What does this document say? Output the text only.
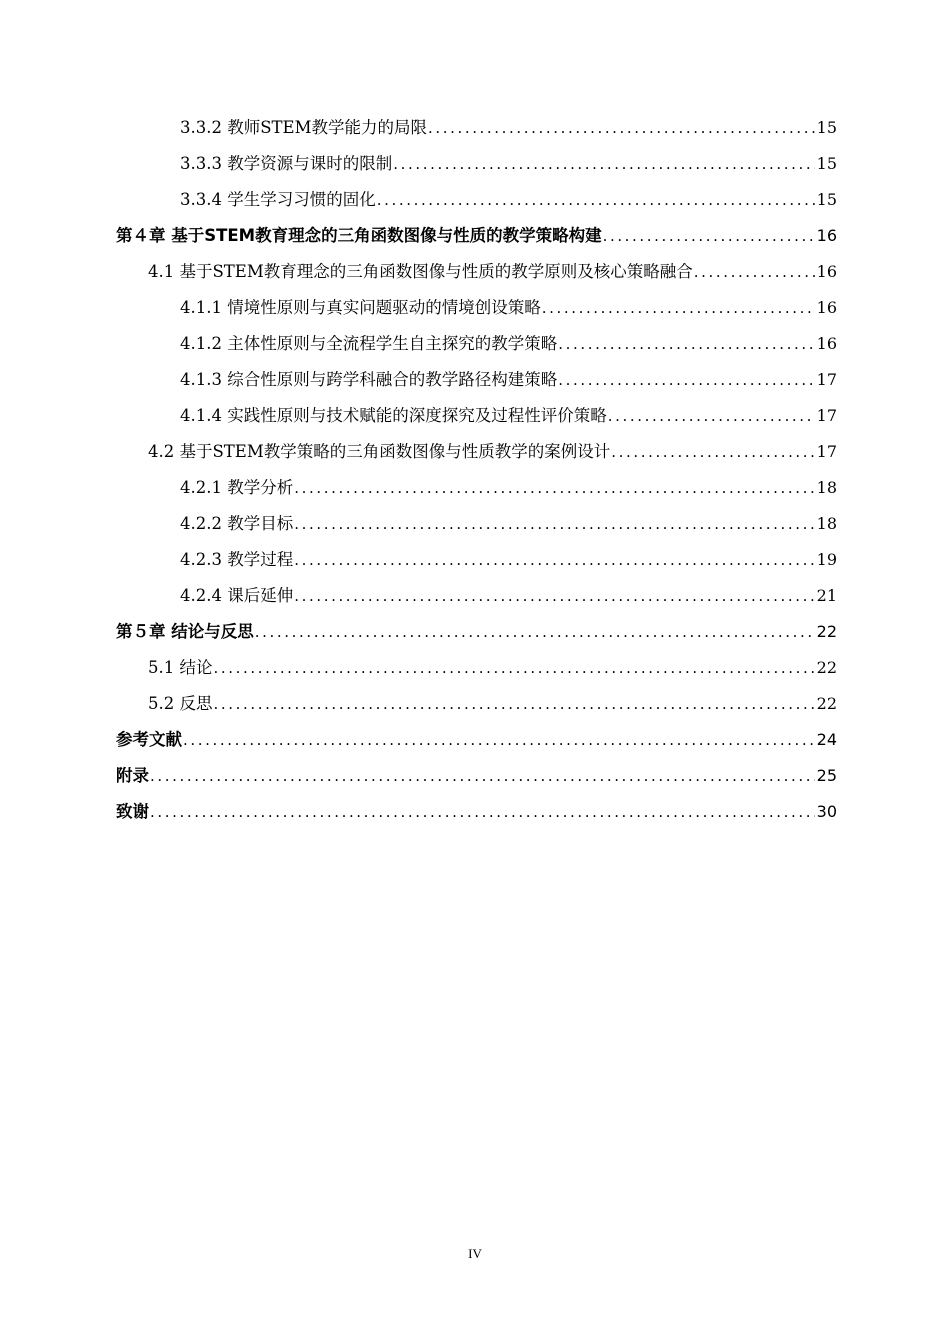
3.3.2 教师STEM教学能力的局限 .....	15
3.3.3 教学资源与课时的限制 .....	15
3.3.4 学生学习习惯的固化 .....	15
第４章 基于STEM教育理念的三角函数图像与性质的教学策略构建 .....	16
4.1 基于STEM教育理念的三角函数图像与性质的教学原则及核心策略融合 .....	16
4.1.1 情境性原则与真实问题驱动的情境创设策略 .....	16
4.1.2 主体性原则与全流程学生自主探究的教学策略 .....	16
4.1.3 综合性原则与跨学科融合的教学路径构建策略 .....	17
4.1.4 实践性原则与技术赋能的深度探究及过程性评价策略 .....	17
4.2 基于STEM教学策略的三角函数图像与性质教学的案例设计 .....	17
4.2.1 教学分析 .....	18
4.2.2 教学目标 .....	18
4.2.3 教学过程 .....	19
4.2.4 课后延伸 .....	21
第５章 结论与反思 .....	22
5.1 结论 .....	22
5.2 反思 .....	22
参考文献 .....	24
附录 .....	25
致谢 .....	30
IV
